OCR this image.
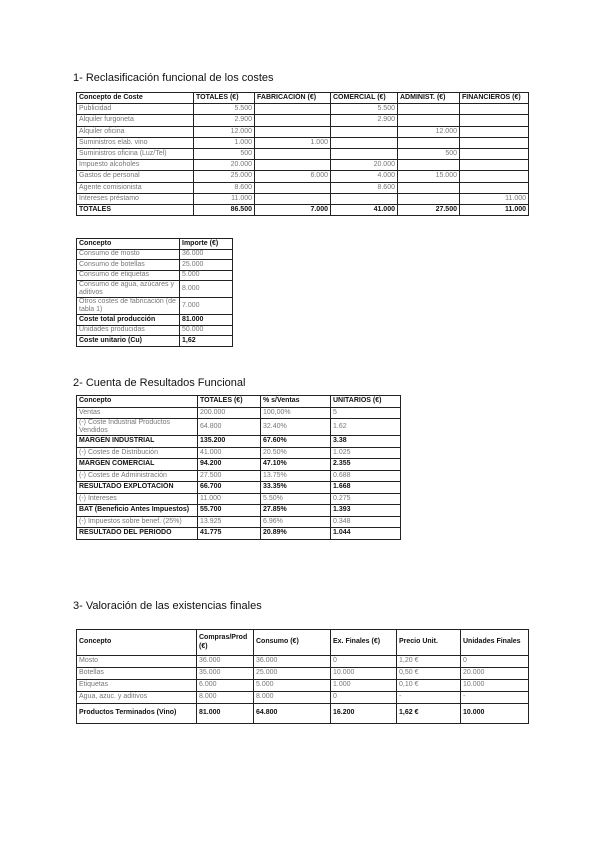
1- Reclasificación funcional de los costes
Concepto de Coste	TOTALES (€)	FABRICACIÓN (€)	COMERCIAL (€)	ADMINIST. (€)	FINANCIEROS (€)
Publicidad	5.500		5.500		
Alquiler furgoneta	2.900		2.900		
Alquiler oficina	12.000			12.000	
Suministros elab. vino	1.000	1.000			
Suministros oficina (Luz/Tel)	500			500	
Impuesto alcoholes	20.000		20.000		
Gastos de personal	25.000	6.000	4.000	15.000	
Agente comisionista	8.600		8.600		
Intereses préstamo	11.000				11.000
TOTALES	86.500	7.000	41.000	27.500	11.000
Concepto	Importe (€)
Consumo de mosto	36.000
Consumo de botellas	25.000
Consumo de etiquetas	5.000
Consumo de agua, azúcares y aditivos	8.000
Otros costes de fabricación (de tabla 1)	7.000
Coste total producción	81.000
Unidades producidas	50.000
Coste unitario (Cu)	1,62
2- Cuenta de Resultados Funcional
Concepto	TOTALES (€)	% s/Ventas	UNITARIOS (€)
Ventas	200.000	100,00%	5
(-) Coste Industrial Productos Vendidos	64.800	32.40%	1.62
MARGEN INDUSTRIAL	135.200	67.60%	3.38
(-) Costes de Distribución	41.000	20.50%	1.025
MARGEN COMERCIAL	94.200	47.10%	2.355
(-) Costes de Administración	27.500	13.75%	0.688
RESULTADO EXPLOTACIÓN	66.700	33.35%	1.668
(-) Intereses	11.000	5.50%	0.275
BAT (Beneficio Antes Impuestos)	55.700	27.85%	1.393
(-) Impuestos sobre benef. (25%)	13.925	6.96%	0.348
RESULTADO DEL PERIODO	41.775	20.89%	1.044
3- Valoración de las existencias finales
Concepto	Compras/Prod (€)	Consumo (€)	Ex. Finales (€)	Precio Unit.	Unidades Finales
Mosto	36.000	36.000	0	1,20 €	0
Botellas	35.000	25.000	10.000	0,50 €	20.000
Etiquetas	6.000	5.000	1.000	0,10 €	10.000
Agua, azuc. y aditivos	8.000	8.000	0	-	-
Productos Terminados (Vino)	81.000	64.800	16.200	1,62 €	10.000
